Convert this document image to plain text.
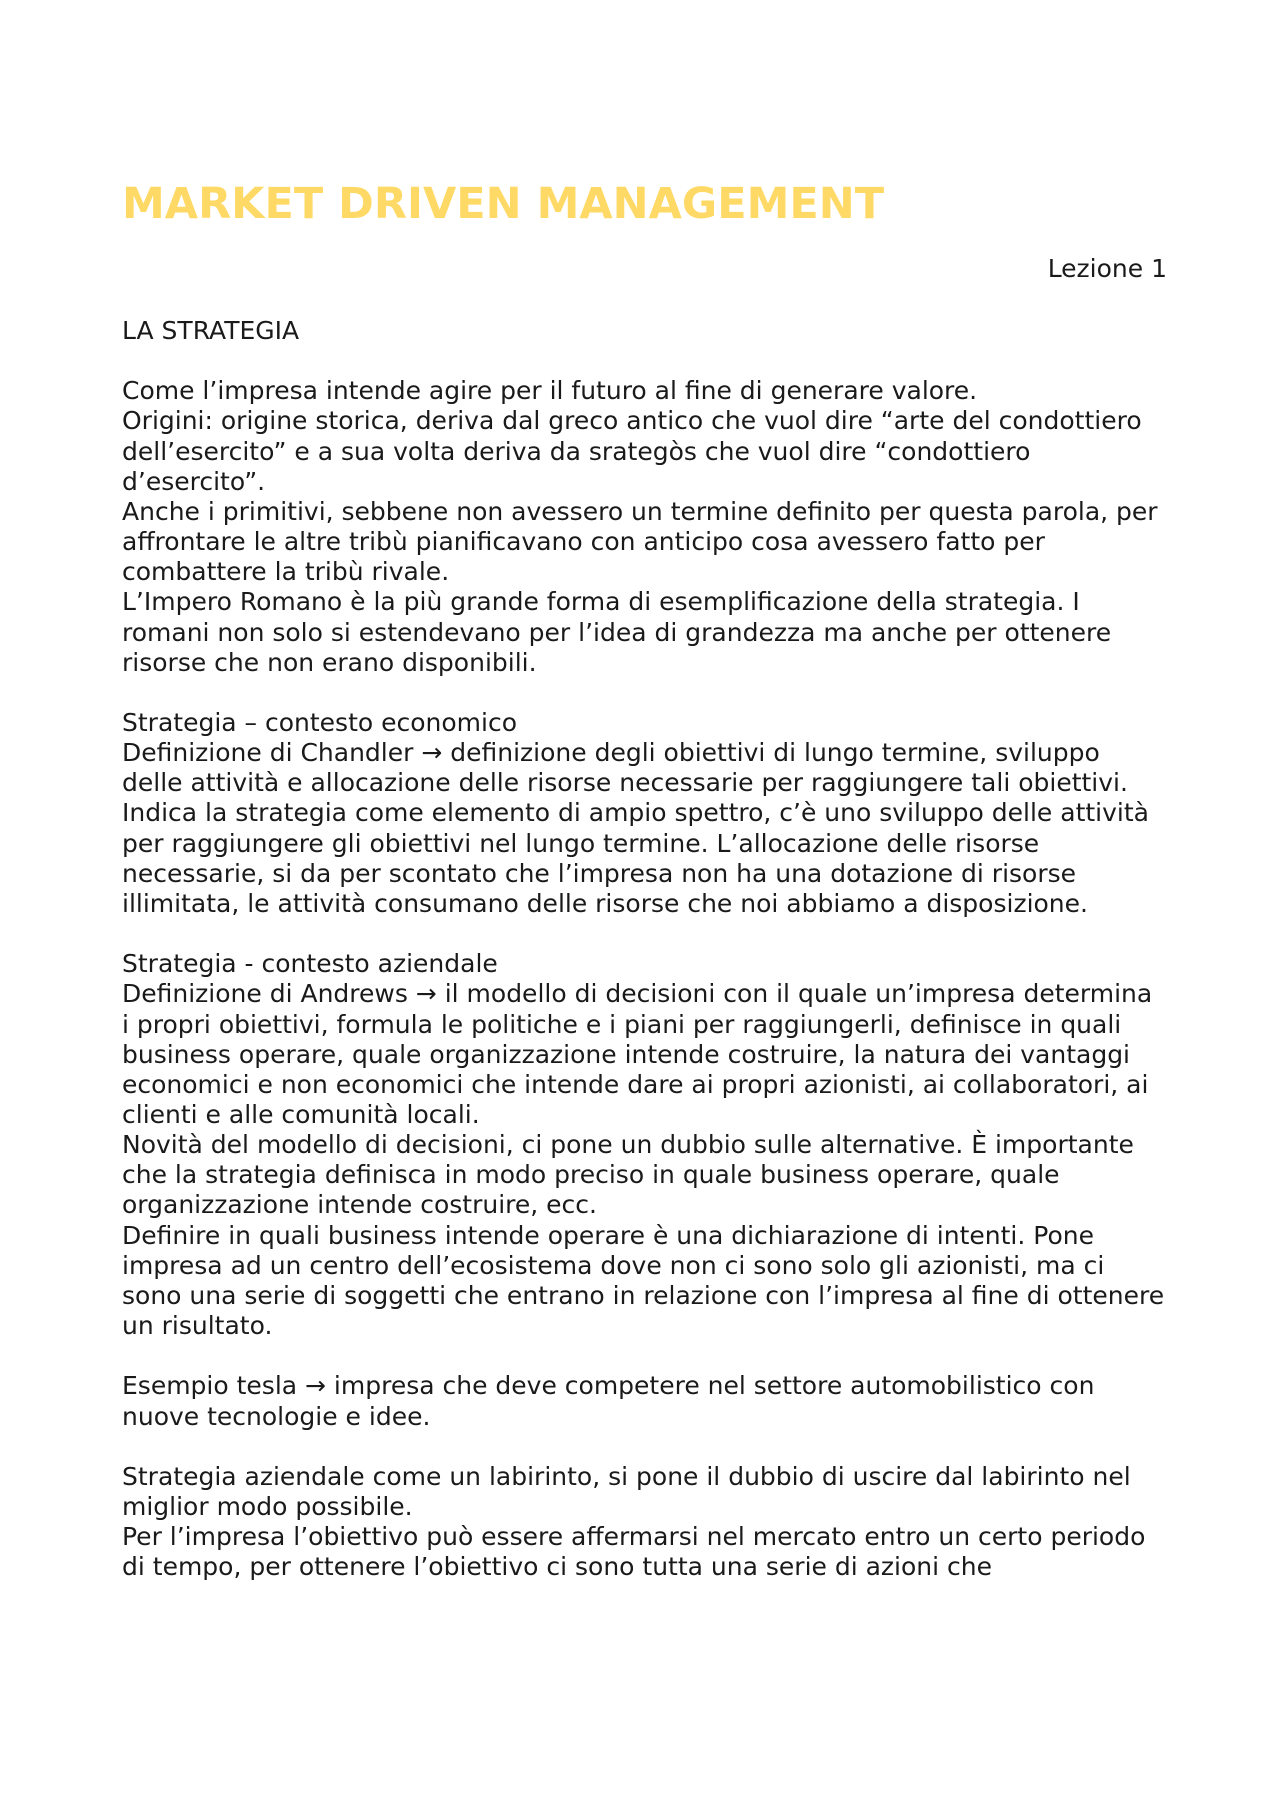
MARKET DRIVEN MANAGEMENT
Lezione 1

LA STRATEGIA

Come l’impresa intende agire per il futuro al fine di generare valore.

Origini: origine storica, deriva dal greco antico che vuol dire “arte del condottiero dell’esercito” e a sua volta deriva da srategòs che vuol dire “condottiero d’esercito”.

Anche i primitivi, sebbene non avessero un termine definito per questa parola, per affrontare le altre tribù pianificavano con anticipo cosa avessero fatto per combattere la tribù rivale.

L’Impero Romano è la più grande forma di esemplificazione della strategia. I romani non solo si estendevano per l’idea di grandezza ma anche per ottenere risorse che non erano disponibili.

Strategia – contesto economico

Definizione di Chandler → definizione degli obiettivi di lungo termine, sviluppo delle attività e allocazione delle risorse necessarie per raggiungere tali obiettivi.

Indica la strategia come elemento di ampio spettro, c’è uno sviluppo delle attività per raggiungere gli obiettivi nel lungo termine. L’allocazione delle risorse necessarie, si da per scontato che l’impresa non ha una dotazione di risorse illimitata, le attività consumano delle risorse che noi abbiamo a disposizione.

Strategia - contesto aziendale

Definizione di Andrews → il modello di decisioni con il quale un’impresa determina i propri obiettivi, formula le politiche e i piani per raggiungerli, definisce in quali business operare, quale organizzazione intende costruire, la natura dei vantaggi economici e non economici che intende dare ai propri azionisti, ai collaboratori, ai clienti e alle comunità locali.

Novità del modello di decisioni, ci pone un dubbio sulle alternative. È importante che la strategia definisca in modo preciso in quale business operare, quale organizzazione intende costruire, ecc.

Definire in quali business intende operare è una dichiarazione di intenti. Pone impresa ad un centro dell’ecosistema dove non ci sono solo gli azionisti, ma ci sono una serie di soggetti che entrano in relazione con l’impresa al fine di ottenere un risultato.

Esempio tesla → impresa che deve competere nel settore automobilistico con nuove tecnologie e idee.

Strategia aziendale come un labirinto, si pone il dubbio di uscire dal labirinto nel miglior modo possibile.

Per l’impresa l’obiettivo può essere affermarsi nel mercato entro un certo periodo di tempo, per ottenere l’obiettivo ci sono tutta una serie di azioni che
